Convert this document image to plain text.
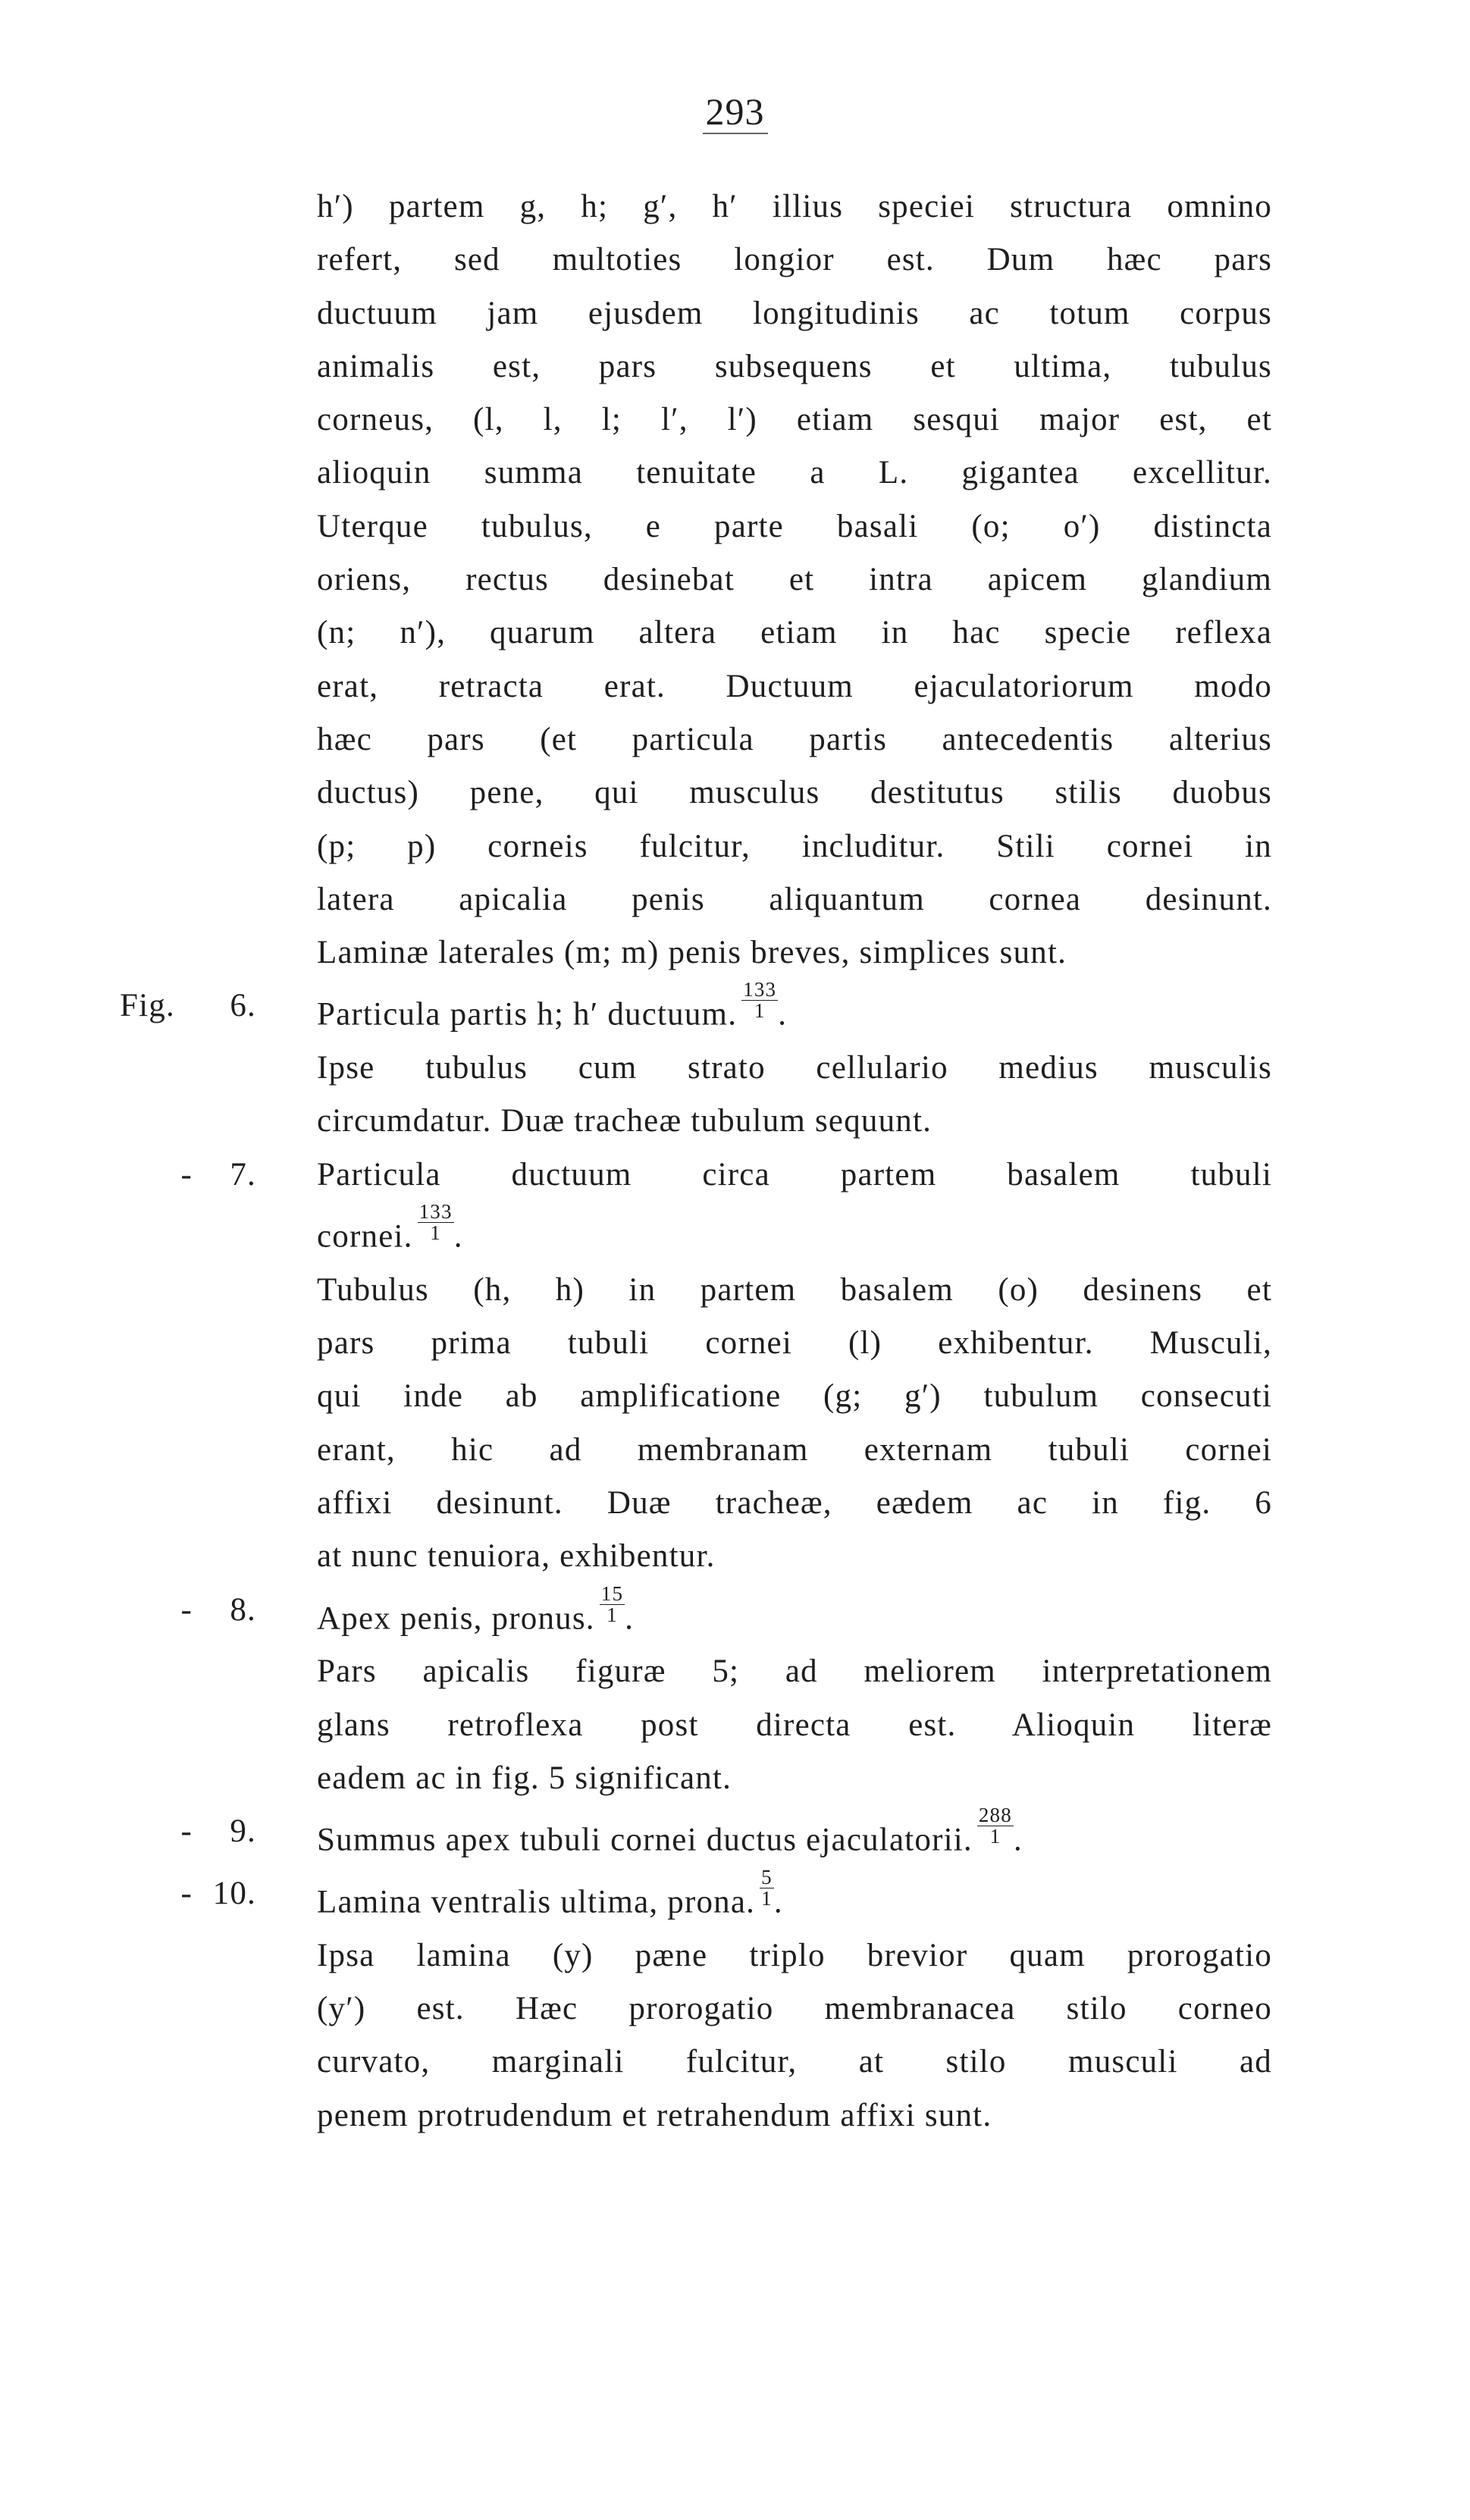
293

h′) partem g, h; g′, h′ illius speciei structura omnino

refert, sed multoties longior est. Dum hæc pars

ductuum jam ejusdem longitudinis ac totum corpus

animalis est, pars subsequens et ultima, tubulus

corneus, (l, l, l; l′, l′) etiam sesqui major est, et

alioquin summa tenuitate a L. gigantea excellitur.

Uterque tubulus, e parte basali (o; o′) distincta

oriens, rectus desinebat et intra apicem glandium

(n; n′), quarum altera etiam in hac specie reflexa

erat, retracta erat. Ductuum ejaculatoriorum modo

hæc pars (et particula partis antecedentis alterius

ductus) pene, qui musculus destitutus stilis duobus

(p; p) corneis fulcitur, includitur. Stili cornei in

latera apicalia penis aliquantum cornea desinunt.

Laminæ laterales (m; m) penis breves, simplices sunt.

Fig. 6.	Particula partis h; h′ ductuum. $\frac{133}{1}$ .

Ipse tubulus cum strato cellulario medius musculis

circumdatur. Duæ tracheæ tubulum sequunt.

- 7.	Particula ductuum circa partem basalem tubuli

cornei. $\frac{133}{1}$ .

Tubulus (h, h) in partem basalem (o) desinens et

pars prima tubuli cornei (l) exhibentur. Musculi,

qui inde ab amplificatione (g; g′) tubulum consecuti

erant, hic ad membranam externam tubuli cornei

affixi desinunt. Duæ tracheæ, eædem ac in fig. 6

at nunc tenuiora, exhibentur.

- 8.	Apex penis, pronus. $\frac{15}{1}$ .

Pars apicalis figuræ 5; ad meliorem interpretationem

glans retroflexa post directa est. Alioquin literæ

eadem ac in fig. 5 significant.

- 9.	Summus apex tubuli cornei ductus ejaculatorii. $\frac{288}{1}$ .

- 10.	Lamina ventralis ultima, prona. $\frac{5}{1}$ .

Ipsa lamina (y) pæne triplo brevior quam prorogatio

(y′) est. Hæc prorogatio membranacea stilo corneo

curvato, marginali fulcitur, at stilo musculi ad

penem protrudendum et retrahendum affixi sunt.
